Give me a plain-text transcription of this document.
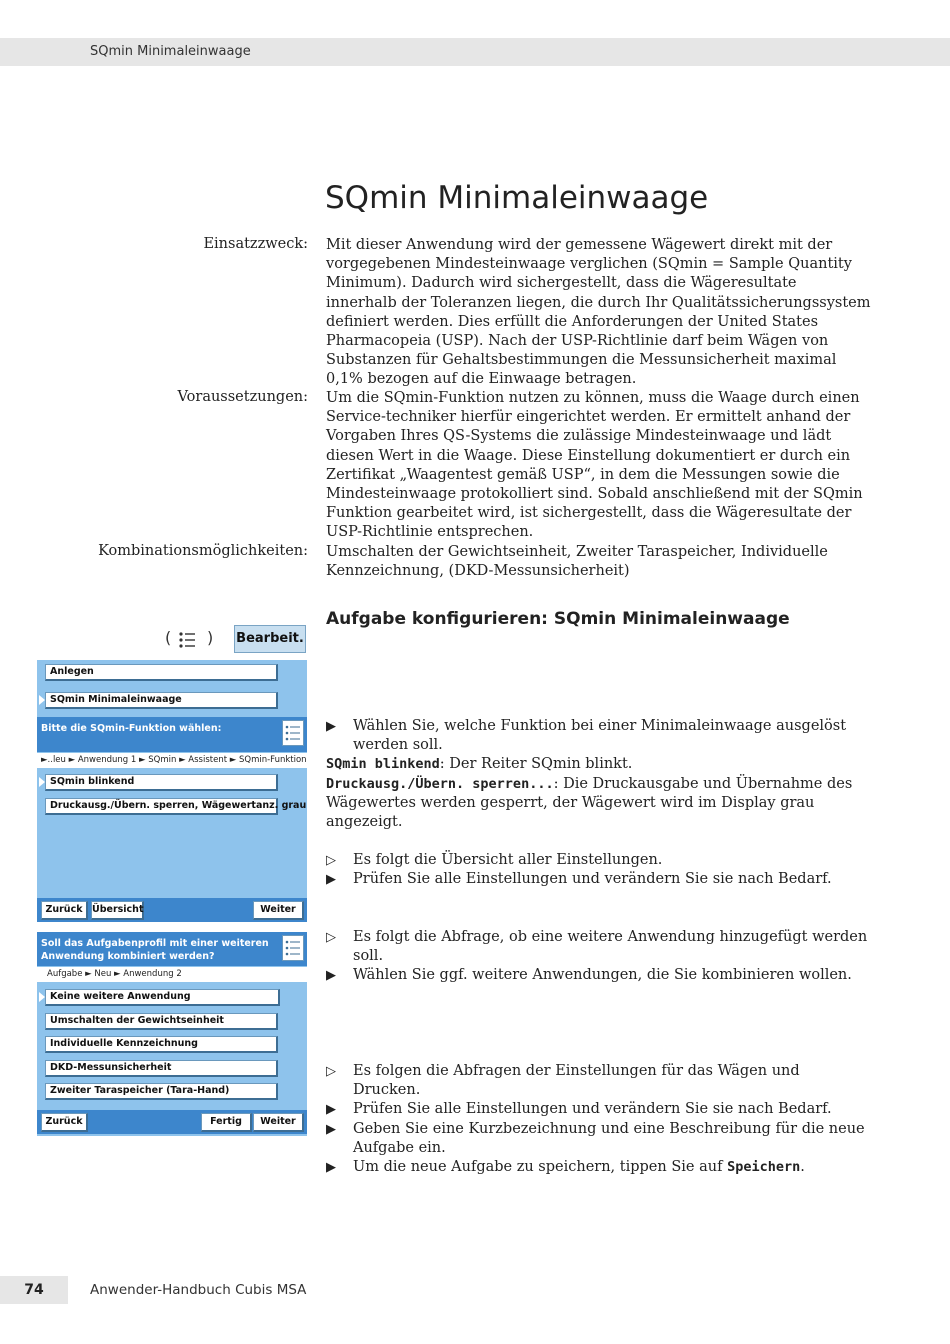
SQmin Minimaleinwaage
SQmin Minimaleinwaage
Einsatzzweck: Mit dieser Anwendung wird der gemessene Wägewert direkt mit der vorgegebenen Mindesteinwaage verglichen (SQmin = Sample Quantity Minimum). Dadurch wird sichergestellt, dass die Wägeresultate innerhalb der Toleranzen liegen, die durch Ihr Qualitätssicherungssystem definiert werden. Dies erfüllt die Anforderungen der United States Pharmacopeia (USP). Nach der USP-Richtlinie darf beim Wägen von Substanzen für Gehaltsbestimmungen die Messunsicherheit maximal 0,1% bezogen auf die Einwaage betragen.

Voraussetzungen: Um die SQmin-Funktion nutzen zu können, muss die Waage durch einen Service-techniker hierfür eingerichtet werden. Er ermittelt anhand der Vorgaben Ihres QS-Systems die zulässige Mindesteinwaage und lädt diesen Wert in die Waage. Diese Einstellung dokumentiert er durch ein Zertifikat „Waagentest gemäß USP“, in dem die Messungen sowie die Mindesteinwaage protokolliert sind. Sobald anschließend mit der SQmin Funktion gearbeitet wird, ist sichergestellt, dass die Wägeresultate der USP-Richtlinie entsprechen.

Kombinationsmöglichkeiten: Umschalten der Gewichtseinheit, Zweiter Taraspeicher, Individuelle Kennzeichnung, (DKD-Messunsicherheit)

Aufgabe konfigurieren: SQmin Minimaleinwaage
( ) Bearbeit.
Anlegen
SQmin Minimaleinwaage
Bitte die SQmin-Funktion wählen:
►..leu ► Anwendung 1 ► SQmin ► Assistent ► SQmin-Funktion
SQmin blinkend
Druckausg./Übern. sperren, Wägewertanz. grau
Zurück Übersicht	Weiter
Soll das Aufgabenprofil mit einer weiteren Anwendung kombiniert werden?
Aufgabe ► Neu ► Anwendung 2
Keine weitere Anwendung
Umschalten der Gewichtseinheit
Individuelle Kennzeichnung
DKD-Messunsicherheit
Zweiter Taraspeicher (Tara-Hand)
Zurück	Fertig	Weiter
▶	Wählen Sie, welche Funktion bei einer Minimaleinwaage ausgelöst werden soll.
SQmin blinkend: Der Reiter SQmin blinkt.
Druckausg./Übern. sperren...: Die Druckausgabe und Übernahme des Wägewertes werden gesperrt, der Wägewert wird im Display grau angezeigt.
▷	Es folgt die Übersicht aller Einstellungen.
▶	Prüfen Sie alle Einstellungen und verändern Sie sie nach Bedarf.
▷	Es folgt die Abfrage, ob eine weitere Anwendung hinzugefügt werden soll.
▶	Wählen Sie ggf. weitere Anwendungen, die Sie kombinieren wollen.
▷	Es folgen die Abfragen der Einstellungen für das Wägen und Drucken.
▶	Prüfen Sie alle Einstellungen und verändern Sie sie nach Bedarf.
▶	Geben Sie eine Kurzbezeichnung und eine Beschreibung für die neue Aufgabe ein.
▶	Um die neue Aufgabe zu speichern, tippen Sie auf Speichern.
74	Anwender-Handbuch Cubis MSA
